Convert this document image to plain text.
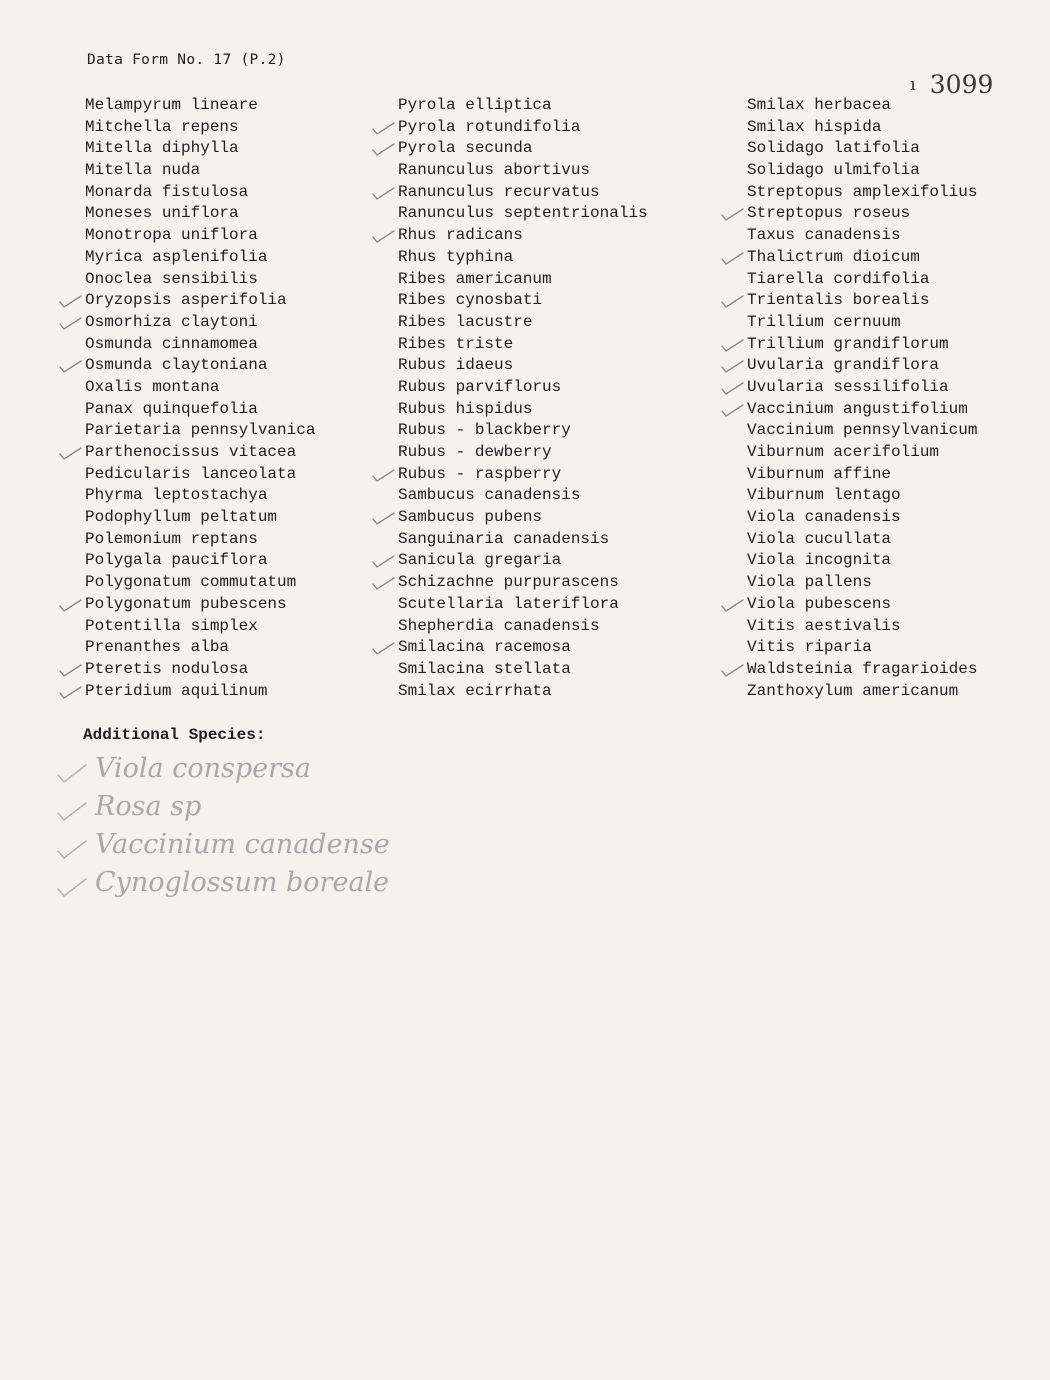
Data Form No. 17 (P.2)
ı 3099
Melampyrum lineare
Mitchella repens
Mitella diphylla
Mitella nuda
Monarda fistulosa
Moneses uniflora
Monotropa uniflora
Myrica asplenifolia
Onoclea sensibilis
Oryzopsis asperifolia
Osmorhiza claytoni
Osmunda cinnamomea
Osmunda claytoniana
Oxalis montana
Panax quinquefolia
Parietaria pennsylvanica
Parthenocissus vitacea
Pedicularis lanceolata
Phyrma leptostachya
Podophyllum peltatum
Polemonium reptans
Polygala pauciflora
Polygonatum commutatum
Polygonatum pubescens
Potentilla simplex
Prenanthes alba
Pteretis nodulosa
Pteridium aquilinum
Pyrola elliptica
Pyrola rotundifolia
Pyrola secunda
Ranunculus abortivus
Ranunculus recurvatus
Ranunculus septentrionalis
Rhus radicans
Rhus typhina
Ribes americanum
Ribes cynosbati
Ribes lacustre
Ribes triste
Rubus idaeus
Rubus parviflorus
Rubus hispidus
Rubus - blackberry
Rubus - dewberry
Rubus - raspberry
Sambucus canadensis
Sambucus pubens
Sanguinaria canadensis
Sanicula gregaria
Schizachne purpurascens
Scutellaria lateriflora
Shepherdia canadensis
Smilacina racemosa
Smilacina stellata
Smilax ecirrhata
Smilax herbacea
Smilax hispida
Solidago latifolia
Solidago ulmifolia
Streptopus amplexifolius
Streptopus roseus
Taxus canadensis
Thalictrum dioicum
Tiarella cordifolia
Trientalis borealis
Trillium cernuum
Trillium grandiflorum
Uvularia grandiflora
Uvularia sessilifolia
Vaccinium angustifolium
Vaccinium pennsylvanicum
Viburnum acerifolium
Viburnum affine
Viburnum lentago
Viola canadensis
Viola cucullata
Viola incognita
Viola pallens
Viola pubescens
Vitis aestivalis
Vitis riparia
Waldsteinia fragarioides
Zanthoxylum americanum
Additional Species:
Viola conspersa
Rosa sp
Vaccinium canadense
Cynoglossum boreale
